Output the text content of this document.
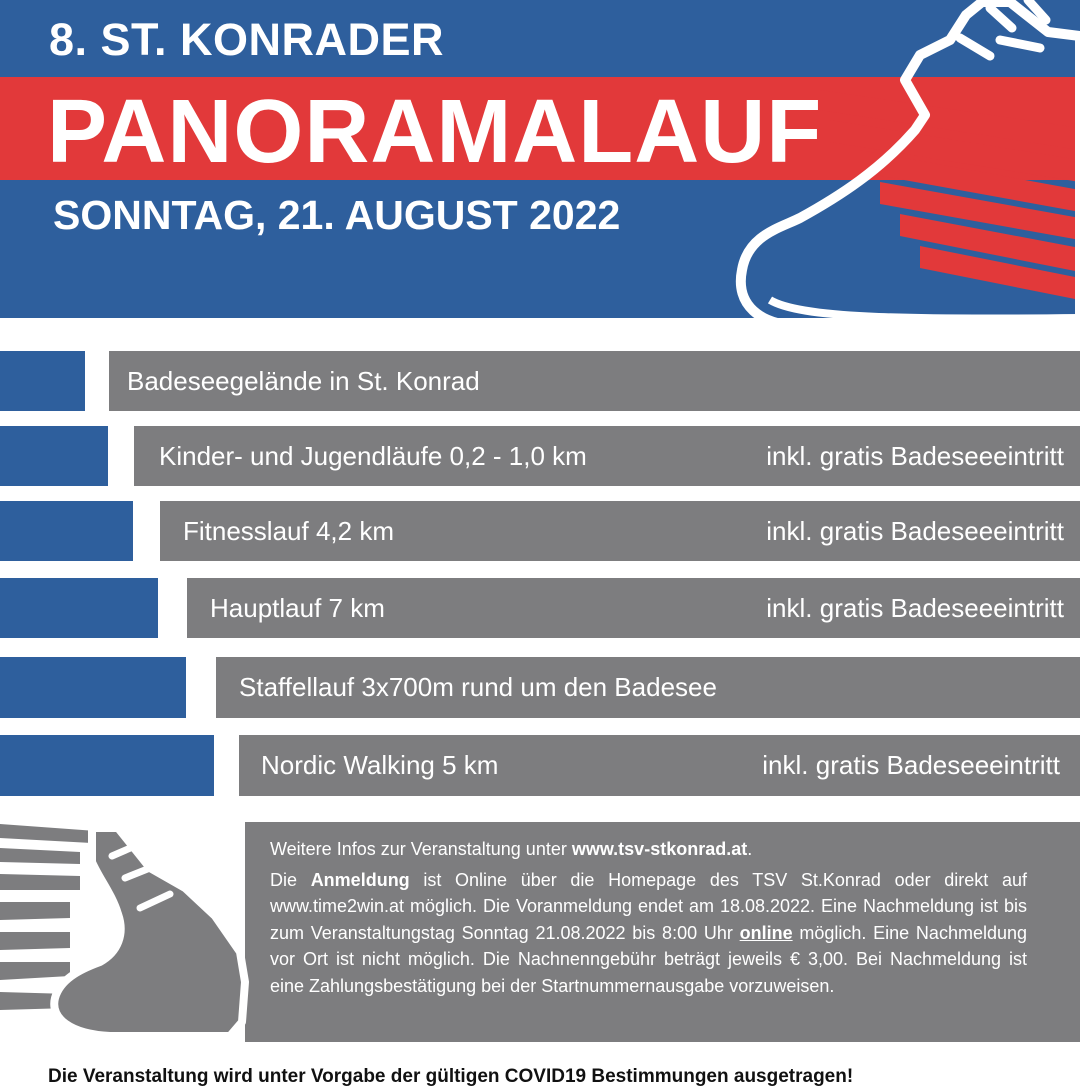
8. ST. KONRADER
PANORAMALAUF
SONNTAG, 21. AUGUST 2022
Badeseegelände in St. Konrad
Kinder- und Jugendläufe 0,2 - 1,0 km	inkl. gratis Badeseeeintritt
Fitnesslauf 4,2 km	inkl. gratis Badeseeeintritt
Hauptlauf 7 km	inkl. gratis Badeseeeintritt
Staffellauf 3x700m rund um den Badesee
Nordic Walking 5 km	inkl. gratis Badeseeeintritt

Weitere Infos zur Veranstaltung unter www.tsv-stkonrad.at.

Die Anmeldung ist Online über die Homepage des TSV St.Konrad oder direkt auf www.time2win.at möglich. Die Voranmeldung endet am 18.08.2022. Eine Nachmeldung ist bis zum Veranstaltungstag Sonntag 21.08.2022 bis 8:00 Uhr online möglich. Eine Nachmeldung vor Ort ist nicht möglich. Die Nachnenngebühr beträgt jeweils € 3,00. Bei Nachmeldung ist eine Zahlungsbestätigung bei der Startnummernausgabe vorzuweisen.

Die Veranstaltung wird unter Vorgabe der gültigen COVID19 Bestimmungen ausgetragen!
